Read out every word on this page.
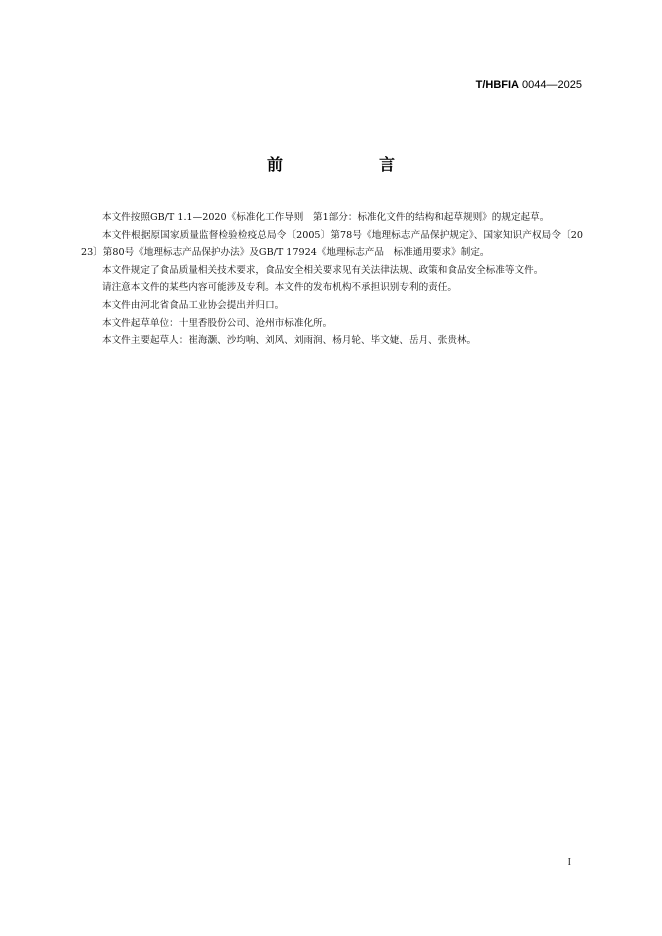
T/HBFIA 0044—2025
前　言

本文件按照GB/T 1.1—2020《标准化工作导则　第1部分：标准化文件的结构和起草规则》的规定起草。

本文件根据原国家质量监督检验检疫总局令〔2005〕第78号《地理标志产品保护规定》、国家知识产权局令〔2023〕第80号《地理标志产品保护办法》及GB/T 17924《地理标志产品　标准通用要求》制定。

本文件规定了食品质量相关技术要求，食品安全相关要求见有关法律法规、政策和食品安全标准等文件。

请注意本文件的某些内容可能涉及专利。本文件的发布机构不承担识别专利的责任。

本文件由河北省食品工业协会提出并归口。

本文件起草单位：十里香股份公司、沧州市标准化所。

本文件主要起草人：崔海灏、沙均响、刘风、刘雨润、杨月轮、毕文婕、岳月、张贵林。

I
